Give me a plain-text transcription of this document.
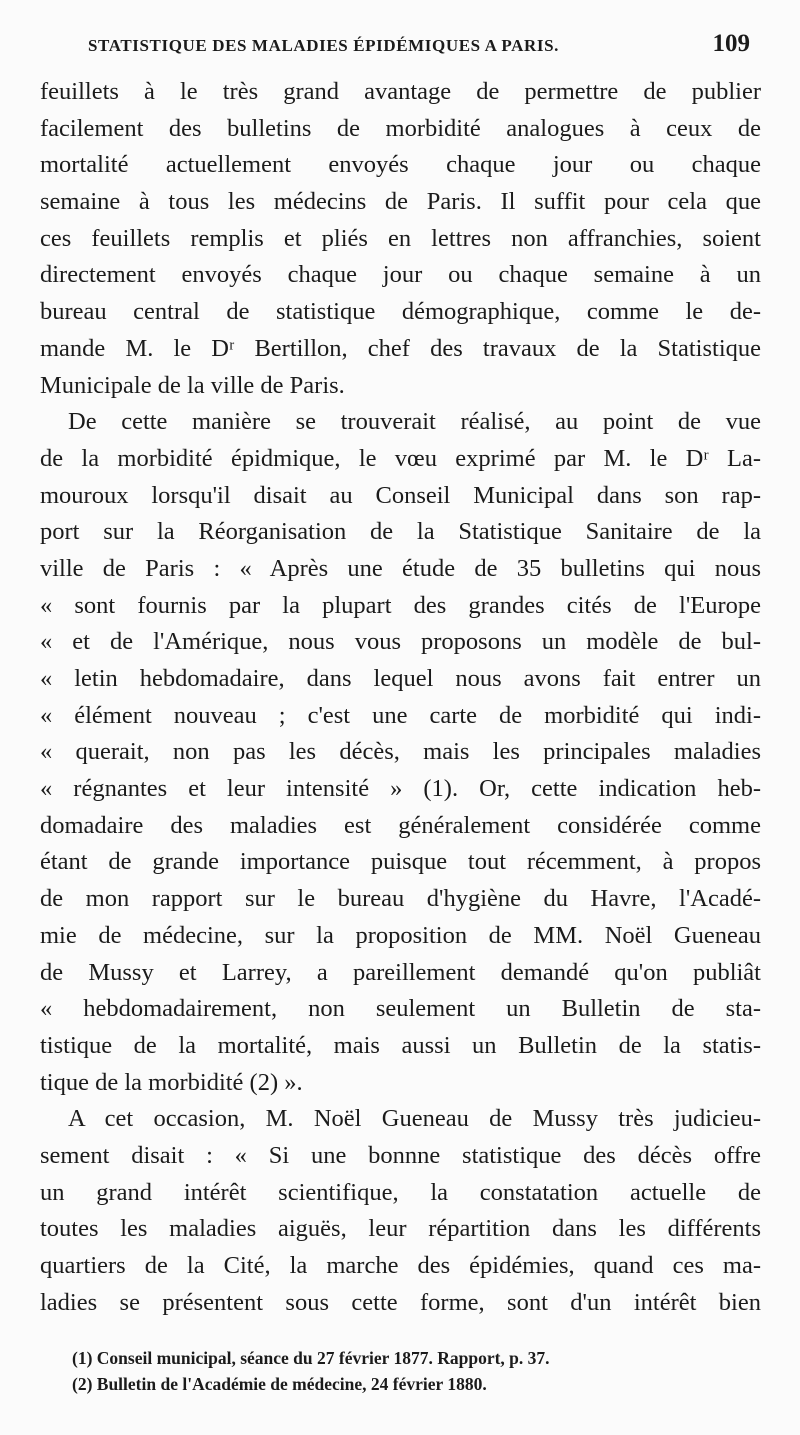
STATISTIQUE DES MALADIES ÉPIDÉMIQUES A PARIS.	109
feuillets à le très grand avantage de permettre de publier
facilement des bulletins de morbidité analogues à ceux de
mortalité actuellement envoyés chaque jour ou chaque
semaine à tous les médecins de Paris. Il suffit pour cela que
ces feuillets remplis et pliés en lettres non affranchies, soient
directement envoyés chaque jour ou chaque semaine à un
bureau central de statistique démographique, comme le de-
mande M. le Dʳ Bertillon, chef des travaux de la Statistique
Municipale de la ville de Paris.
De cette manière se trouverait réalisé, au point de vue
de la morbidité épidmique, le vœu exprimé par M. le Dʳ La-
mouroux lorsqu'il disait au Conseil Municipal dans son rap-
port sur la Réorganisation de la Statistique Sanitaire de la
ville de Paris : « Après une étude de 35 bulletins qui nous
« sont fournis par la plupart des grandes cités de l'Europe
« et de l'Amérique, nous vous proposons un modèle de bul-
« letin hebdomadaire, dans lequel nous avons fait entrer un
« élément nouveau ; c'est une carte de morbidité qui indi-
« querait, non pas les décès, mais les principales maladies
« régnantes et leur intensité » (1). Or, cette indication heb-
domadaire des maladies est généralement considérée comme
étant de grande importance puisque tout récemment, à propos
de mon rapport sur le bureau d'hygiène du Havre, l'Acadé-
mie de médecine, sur la proposition de MM. Noël Gueneau
de Mussy et Larrey, a pareillement demandé qu'on publiât
« hebdomadairement, non seulement un Bulletin de sta-
tistique de la mortalité, mais aussi un Bulletin de la statis-
tique de la morbidité (2) ».
A cet occasion, M. Noël Gueneau de Mussy très judicieu-
sement disait : « Si une bonnne statistique des décès offre
un grand intérêt scientifique, la constatation actuelle de
toutes les maladies aiguës, leur répartition dans les différents
quartiers de la Cité, la marche des épidémies, quand ces ma-
ladies se présentent sous cette forme, sont d'un intérêt bien
(1) Conseil municipal, séance du 27 février 1877. Rapport, p. 37.
(2) Bulletin de l'Académie de médecine, 24 février 1880.
